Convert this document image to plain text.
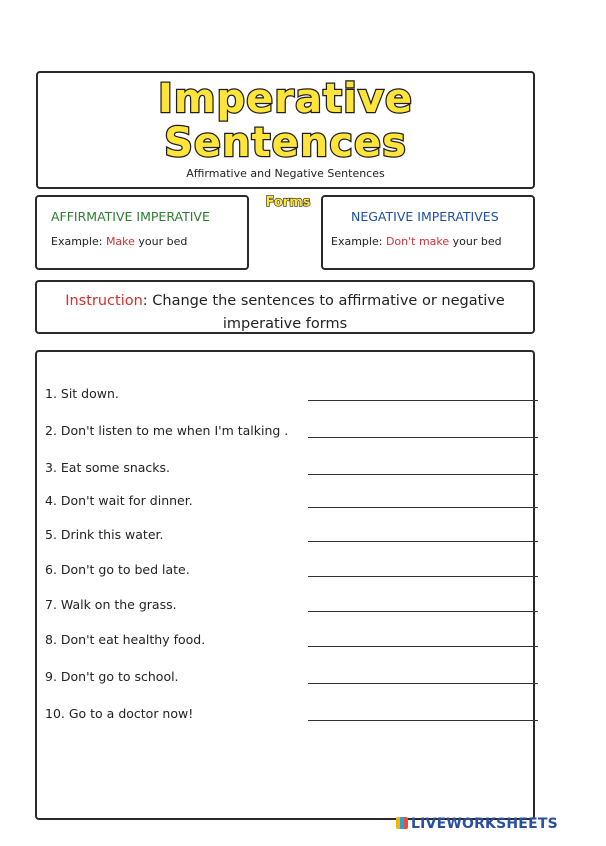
Imperative
Sentences
Affirmative and Negative Sentences
AFFIRMATIVE IMPERATIVE
Example: Make your bed
Forms
NEGATIVE IMPERATIVES
Example: Don't make your bed
Instruction: Change the sentences to affirmative or negative imperative forms
1. Sit down.
2. Don't listen to me when I'm talking .
3. Eat some snacks.
4. Don't wait for dinner.
5. Drink this water.
6. Don't go to bed late.
7. Walk on the grass.
8. Don't eat healthy food.
9. Don't go to school.
10. Go to a doctor now!
LIVEWORKSHEETS
